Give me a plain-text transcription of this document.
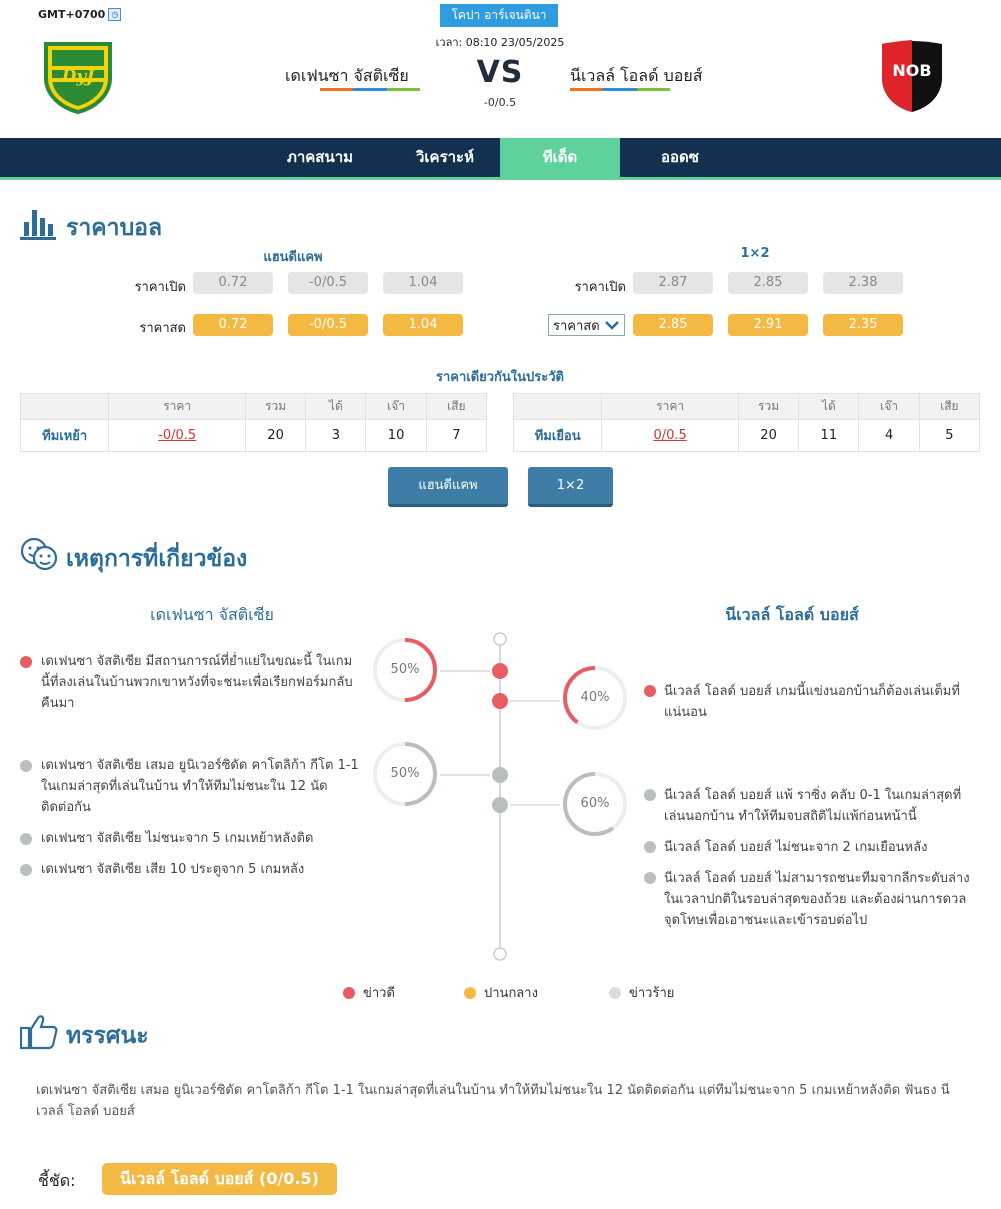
GMT+0700 ◷	โคปา อาร์เจนตินา
เวลา: 08:10 23/05/2025
DyJ	NOB
เดเฟนซา จัสติเซีย VS
-0/0.5
นีเวลล์ โอลด์ บอยส์
ภาคสนาม	วิเคราะห์	ทีเด็ด	ออดซ
ราคาบอล
แฮนดีแคพ	1×2
ราคาเปิด	0.72	-0/0.5	1.04
ราคาสด	0.72	-0/0.5	1.04
ราคาเปิด	2.87	2.85	2.38
ราคาสด	2.85	2.91	2.35
ราคาเดียวกันในประวัติ
	ราคา	รวม	ได้	เจ๊า	เสีย
ทีมเหย้า	-0/0.5	20	3	10	7
	ราคา	รวม	ได้	เจ๊า	เสีย
ทีมเยือน	0/0.5	20	11	4	5
แฮนดีแคพ	1×2
เหตุการที่เกี่ยวข้อง
เดเฟนซา จัสติเซีย	นีเวลล์ โอลด์ บอยส์
50%
40%
50%
60%
เดเฟนซา จัสติเซีย มีสถานการณ์ที่ย่ำแย่ในขณะนี้ ในเกมนี้ที่ลงเล่นในบ้านพวกเขาหวังที่จะชนะเพื่อเรียกฟอร์มกลับคืนมา
เดเฟนซา จัสติเซีย เสมอ ยูนิเวอร์ซิดัด คาโตลิก้า กีโต 1-1 ในเกมล่าสุดที่เล่นในบ้าน ทำให้ทีมไม่ชนะใน 12 นัดติดต่อกัน
เดเฟนซา จัสติเซีย ไม่ชนะจาก 5 เกมเหย้าหลังติด
เดเฟนซา จัสติเซีย เสีย 10 ประตูจาก 5 เกมหลัง
นีเวลล์ โอลด์ บอยส์ เกมนี้แข่งนอกบ้านก็ต้องเล่นเต็มที่แน่นอน
นีเวลล์ โอลด์ บอยส์ แพ้ ราซิ่ง คลับ 0-1 ในเกมล่าสุดที่เล่นนอกบ้าน ทำให้ทีมจบสถิติไม่แพ้ก่อนหน้านี้
นีเวลล์ โอลด์ บอยส์ ไม่ชนะจาก 2 เกมเยือนหลัง
นีเวลล์ โอลด์ บอยส์ ไม่สามารถชนะทีมจากลีกระดับล่างในเวลาปกติในรอบล่าสุดของถ้วย และต้องผ่านการดวลจุดโทษเพื่อเอาชนะและเข้ารอบต่อไป
ข่าวดี	ปานกลาง	ข่าวร้าย
ทรรศนะ
เดเฟนซา จัสติเซีย เสมอ ยูนิเวอร์ซิดัด คาโตลิก้า กีโต 1-1 ในเกมล่าสุดที่เล่นในบ้าน ทำให้ทีมไม่ชนะใน 12 นัดติดต่อกัน แต่ทีมไม่ชนะจาก 5 เกมเหย้าหลังติด ฟันธง นีเวลล์ โอลด์ บอยส์
ชี้ชัด:	นีเวลล์ โอลด์ บอยส์ (0/0.5)
